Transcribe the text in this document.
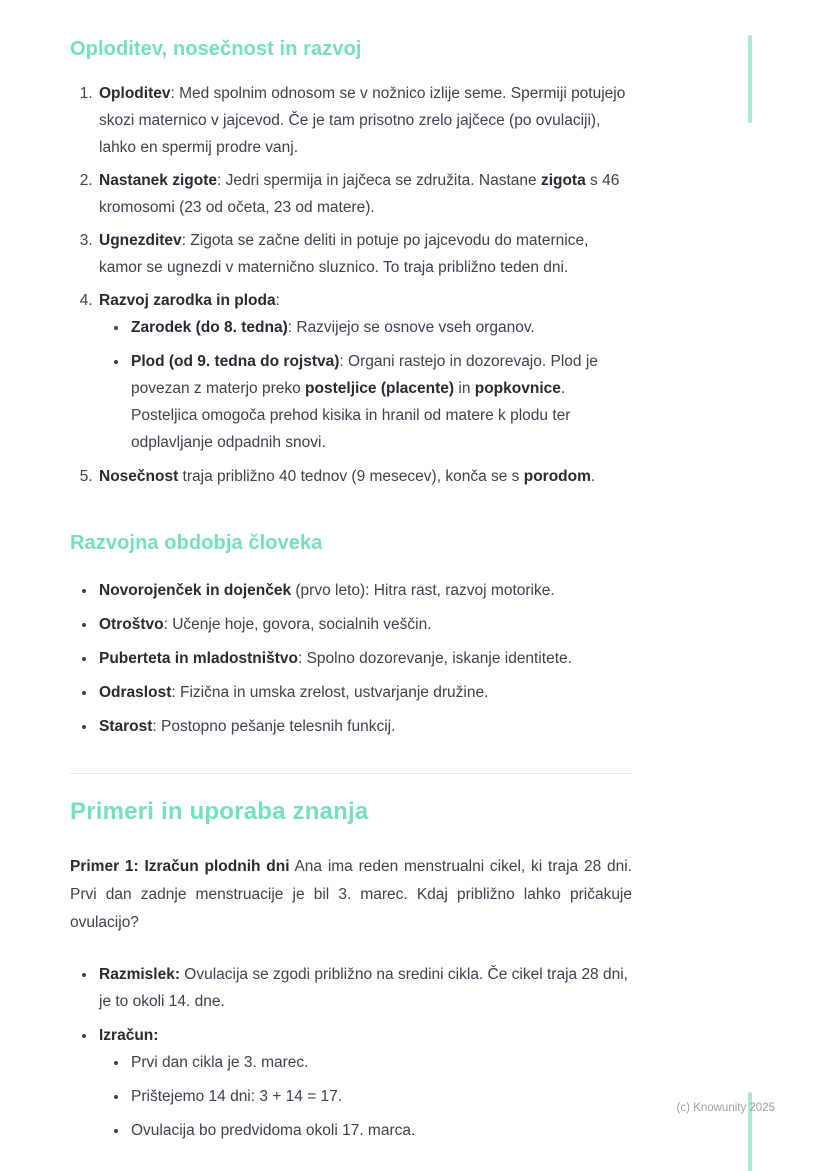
Oploditev, nosečnost in razvoj
1. Oploditev: Med spolnim odnosom se v nožnico izlije seme. Spermiji potujejo skozi maternico v jajcevod. Če je tam prisotno zrelo jajčece (po ovulaciji), lahko en spermij prodre vanj.
2. Nastanek zigote: Jedri spermija in jajčeca se združita. Nastane zigota s 46 kromosomi (23 od očeta, 23 od matere).
3. Ugnezditev: Zigota se začne deliti in potuje po jajcevodu do maternice, kamor se ugnezdi v maternično sluznico. To traja približno teden dni.
4. Razvoj zarodka in ploda:
• Zarodek (do 8. tedna): Razvijejo se osnove vseh organov.
• Plod (od 9. tedna do rojstva): Organi rastejo in dozorevajo. Plod je povezan z materjo preko posteljice (placente) in popkovnice. Posteljica omogoča prehod kisika in hranil od matere k plodu ter odplavljanje odpadnih snovi.
5. Nosečnost traja približno 40 tednov (9 mesecev), konča se s porodom.
Razvojna obdobja človeka
• Novorojenček in dojenček (prvo leto): Hitra rast, razvoj motorike.
• Otroštvo: Učenje hoje, govora, socialnih veščin.
• Puberteta in mladostništvo: Spolno dozorevanje, iskanje identitete.
• Odraslost: Fizična in umska zrelost, ustvarjanje družine.
• Starost: Postopno pešanje telesnih funkcij.
Primeri in uporaba znanja

Primer 1: Izračun plodnih dni Ana ima reden menstrualni cikel, ki traja 28 dni. Prvi dan zadnje menstruacije je bil 3. marec. Kdaj približno lahko pričakuje ovulacijo?

• Razmislek: Ovulacija se zgodi približno na sredini cikla. Če cikel traja 28 dni, je to okoli 14. dne.
• Izračun:
• Prvi dan cikla je 3. marec.
• Prištejemo 14 dni: 3 + 14 = 17.
• Ovulacija bo predvidoma okoli 17. marca.
(c) Knowunity 2025
